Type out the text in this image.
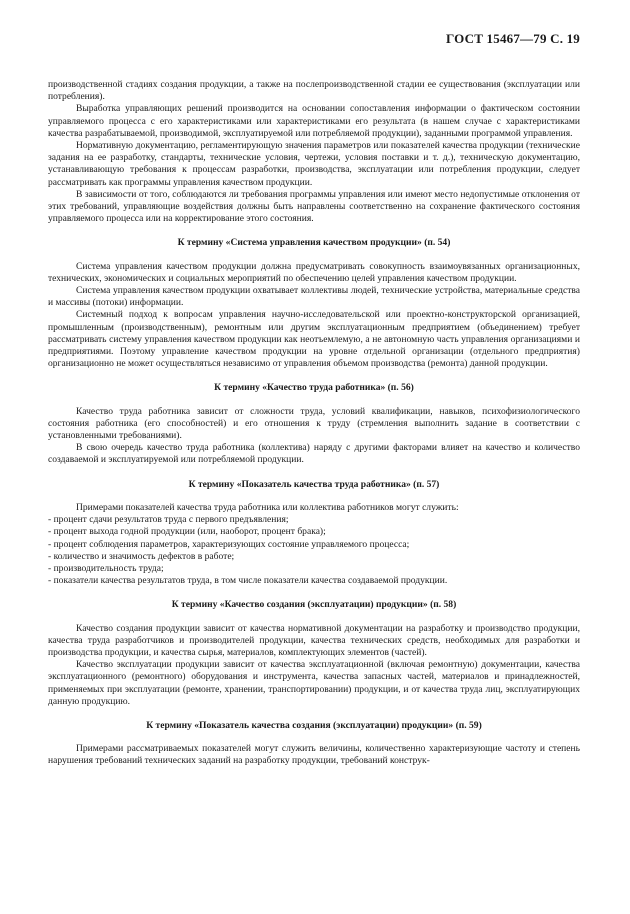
ГОСТ 15467—79 С. 19

производственной стадиях создания продукции, а также на послепроизводственной стадии ее существования (эксплуатации или потребления).

Выработка управляющих решений производится на основании сопоставления информации о фактическом состоянии управляемого процесса с его характеристиками или характеристиками его результата (в нашем случае с характеристиками качества разрабатываемой, производимой, эксплуатируемой или потребляемой продукции), заданными программой управления.

Нормативную документацию, регламентирующую значения параметров или показателей качества продукции (технические задания на ее разработку, стандарты, технические условия, чертежи, условия поставки и т. д.), техническую документацию, устанавливающую требования к процессам разработки, производства, эксплуатации или потребления продукции, следует рассматривать как программы управления качеством продукции.

В зависимости от того, соблюдаются ли требования программы управления или имеют место недопустимые отклонения от этих требований, управляющие воздействия должны быть направлены соответственно на сохранение фактического состояния управляемого процесса или на корректирование этого состояния.

К термину «Система управления качеством продукции» (п. 54)

Система управления качеством продукции должна предусматривать совокупность взаимоувязанных организационных, технических, экономических и социальных мероприятий по обеспечению целей управления качеством продукции.

Система управления качеством продукции охватывает коллективы людей, технические устройства, материальные средства и массивы (потоки) информации.

Системный подход к вопросам управления научно-исследовательской или проектно-конструкторской организацией, промышленным (производственным), ремонтным или другим эксплуатационным предприятием (объединением) требует рассматривать систему управления качеством продукции как неотъемлемую, а не автономную часть управления организациями и предприятиями. Поэтому управление качеством продукции на уровне отдельной организации (отдельного предприятия) организационно не может осуществляться независимо от управления объемом производства (ремонта) данной продукции.

К термину «Качество труда работника» (п. 56)

Качество труда работника зависит от сложности труда, условий квалификации, навыков, психофизиологического состояния работника (его способностей) и его отношения к труду (стремления выполнить задание в соответствии с установленными требованиями).

В свою очередь качество труда работника (коллектива) наряду с другими факторами влияет на качество и количество создаваемой и эксплуатируемой или потребляемой продукции.

К термину «Показатель качества труда работника» (п. 57)

Примерами показателей качества труда работника или коллектива работников могут служить:

- процент сдачи результатов труда с первого предъявления;

- процент выхода годной продукции (или, наоборот, процент брака);

- процент соблюдения параметров, характеризующих состояние управляемого процесса;

- количество и значимость дефектов в работе;

- производительность труда;

- показатели качества результатов труда, в том числе показатели качества создаваемой продукции.

К термину «Качество создания (эксплуатации) продукции» (п. 58)

Качество создания продукции зависит от качества нормативной документации на разработку и производство продукции, качества труда разработчиков и производителей продукции, качества технических средств, необходимых для разработки и производства продукции, и качества сырья, материалов, комплектующих элементов (частей).

Качество эксплуатации продукции зависит от качества эксплуатационной (включая ремонтную) документации, качества эксплуатационного (ремонтного) оборудования и инструмента, качества запасных частей, материалов и принадлежностей, применяемых при эксплуатации (ремонте, хранении, транспортировании) продукции, и от качества труда лиц, эксплуатирующих данную продукцию.

К термину «Показатель качества создания (эксплуатации) продукции» (п. 59)

Примерами рассматриваемых показателей могут служить величины, количественно характеризующие частоту и степень нарушения требований технических заданий на разработку продукции, требований конструк-
